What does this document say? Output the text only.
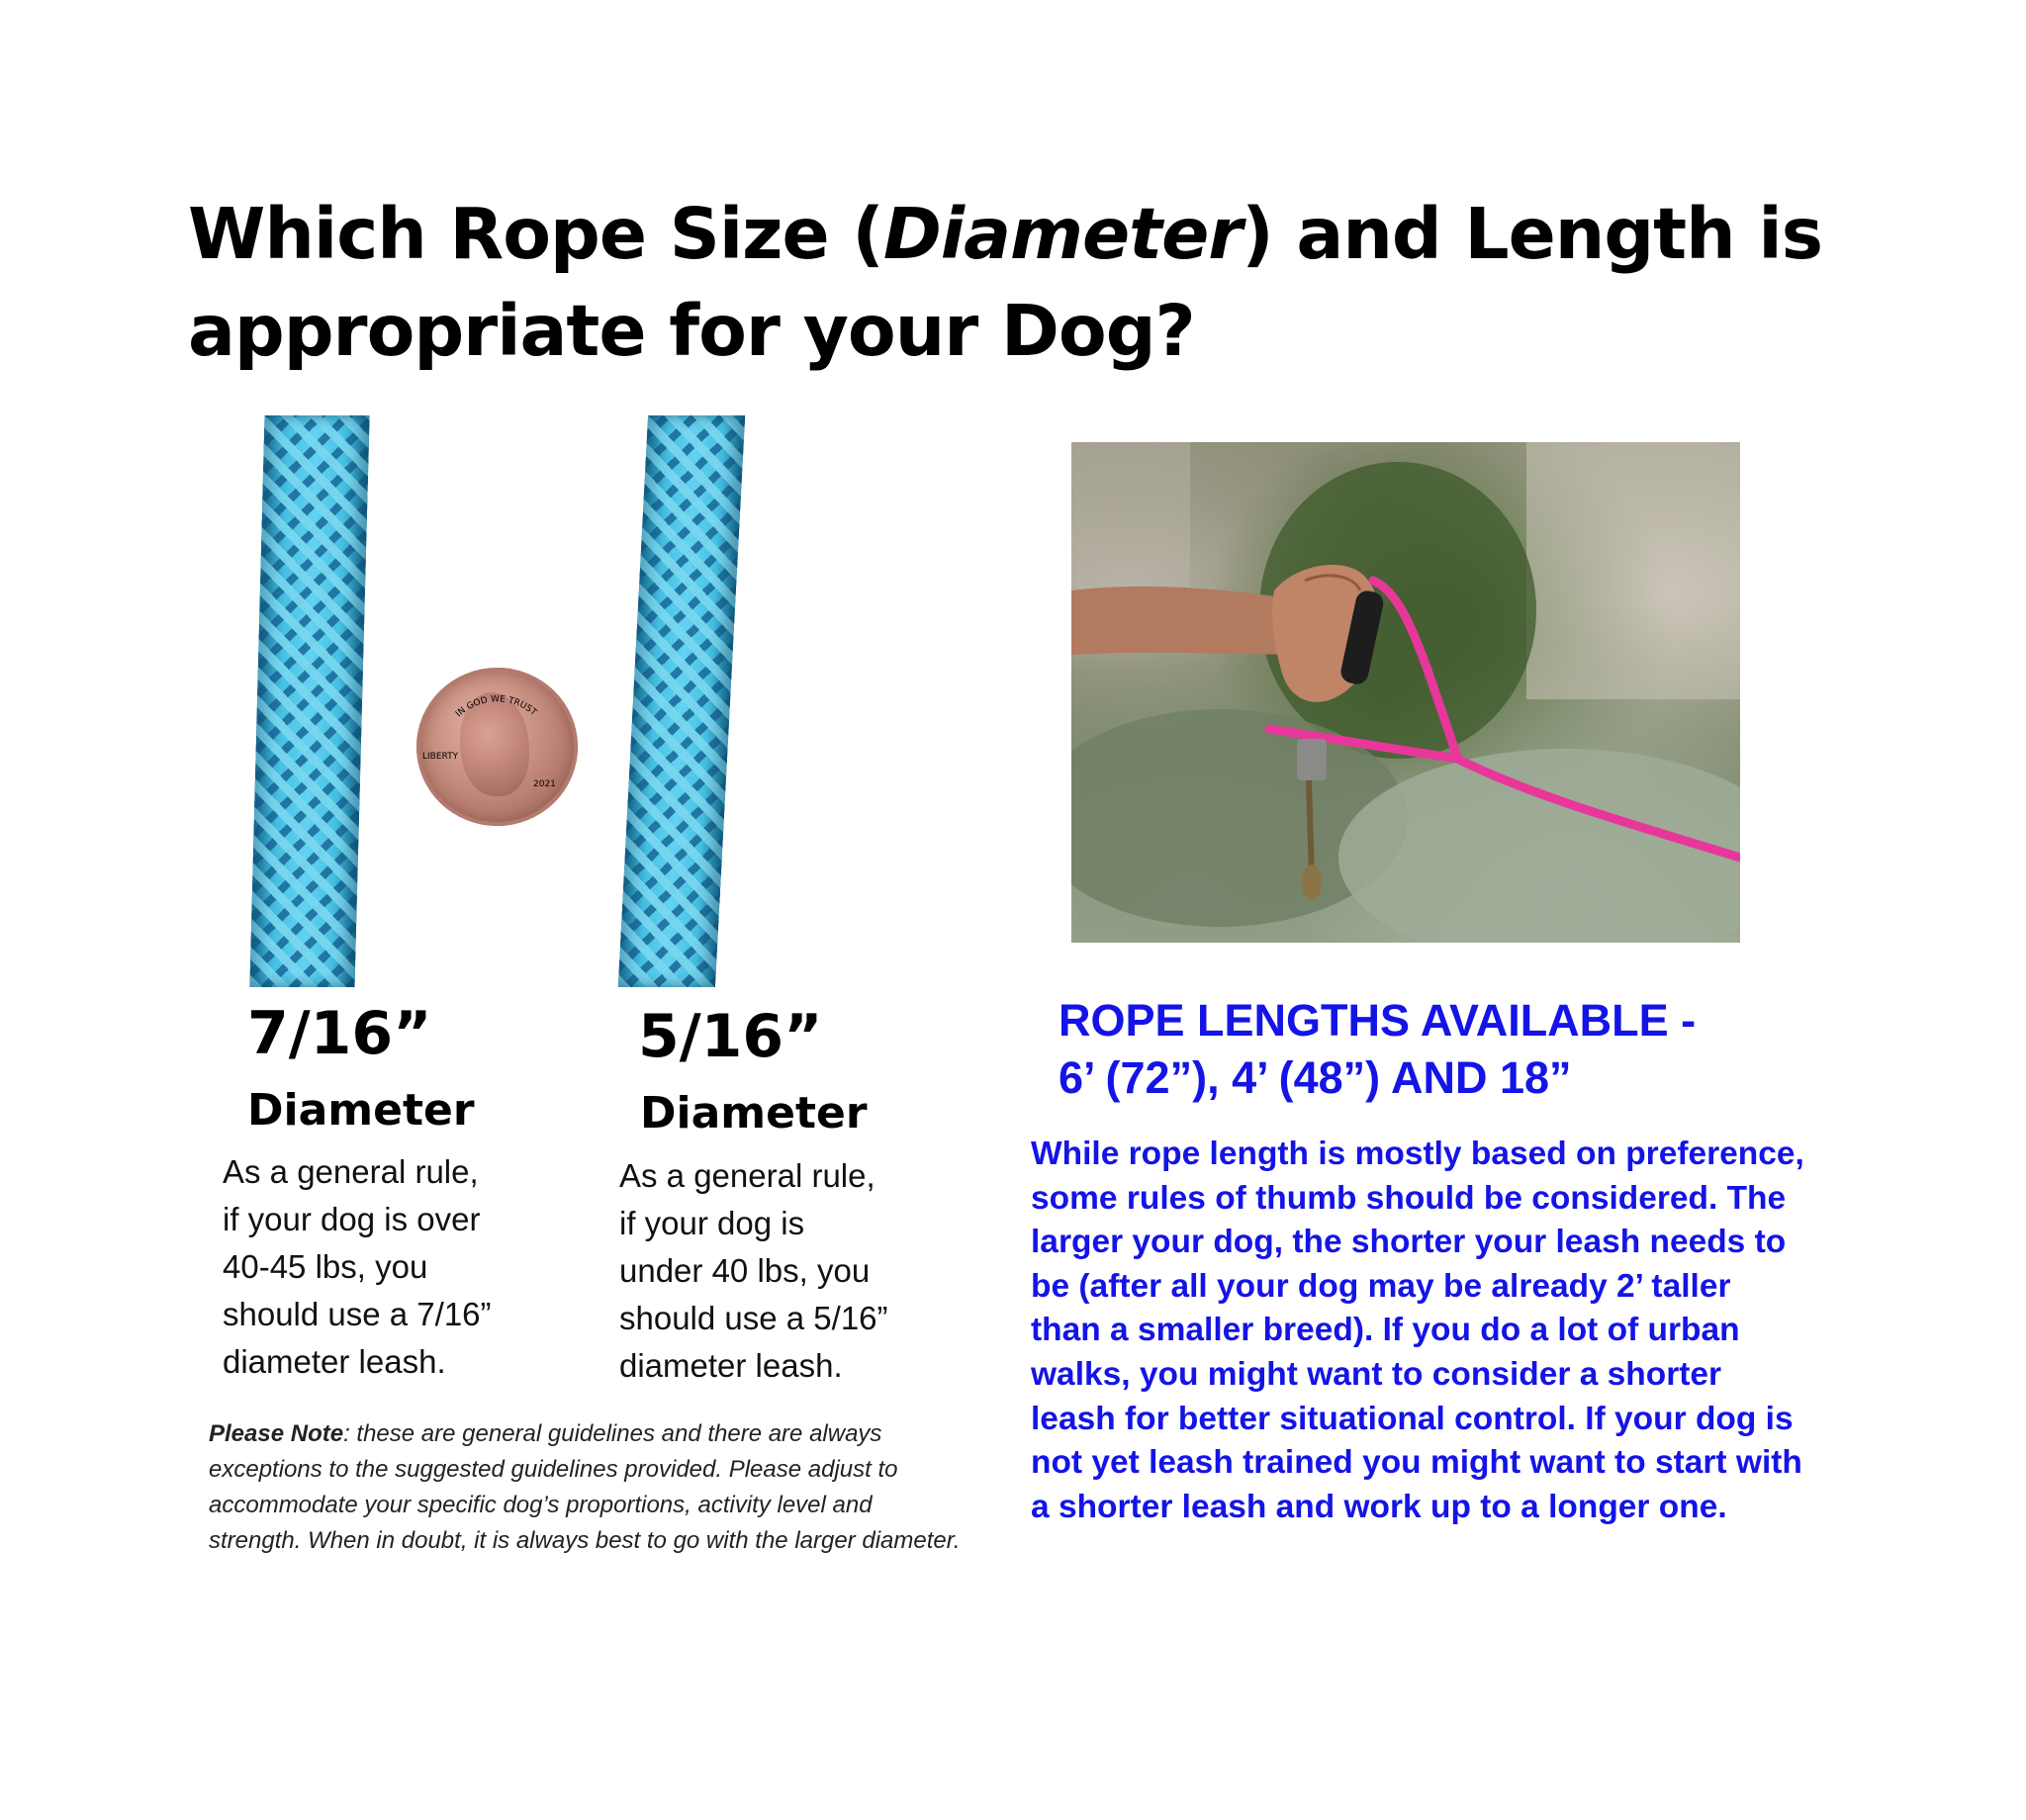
Which Rope Size (Diameter) and Length is
appropriate for your Dog?
IN GOD WE TRUST
LIBERTY
2021
7/16”
Diameter
As a general rule,
if your dog is over
40-45 lbs, you
should use a 7/16”
diameter leash.
5/16”
Diameter
As a general rule,
if your dog is
under 40 lbs, you
should use a 5/16”
diameter leash.
Please Note: these are general guidelines and there are always exceptions to the suggested guidelines provided. Please adjust to accommodate your specific dog’s proportions, activity level and strength. When in doubt, it is always best to go with the larger diameter.
ROPE LENGTHS AVAILABLE -
6’ (72”), 4’ (48”) AND 18”
While rope length is mostly based on preference,
some rules of thumb should be considered. The
larger your dog, the shorter your leash needs to
be (after all your dog may be already 2’ taller
than a smaller breed). If you do a lot of urban
walks, you might want to consider a shorter
leash for better situational control. If your dog is
not yet leash trained you might want to start with
a shorter leash and work up to a longer one.
